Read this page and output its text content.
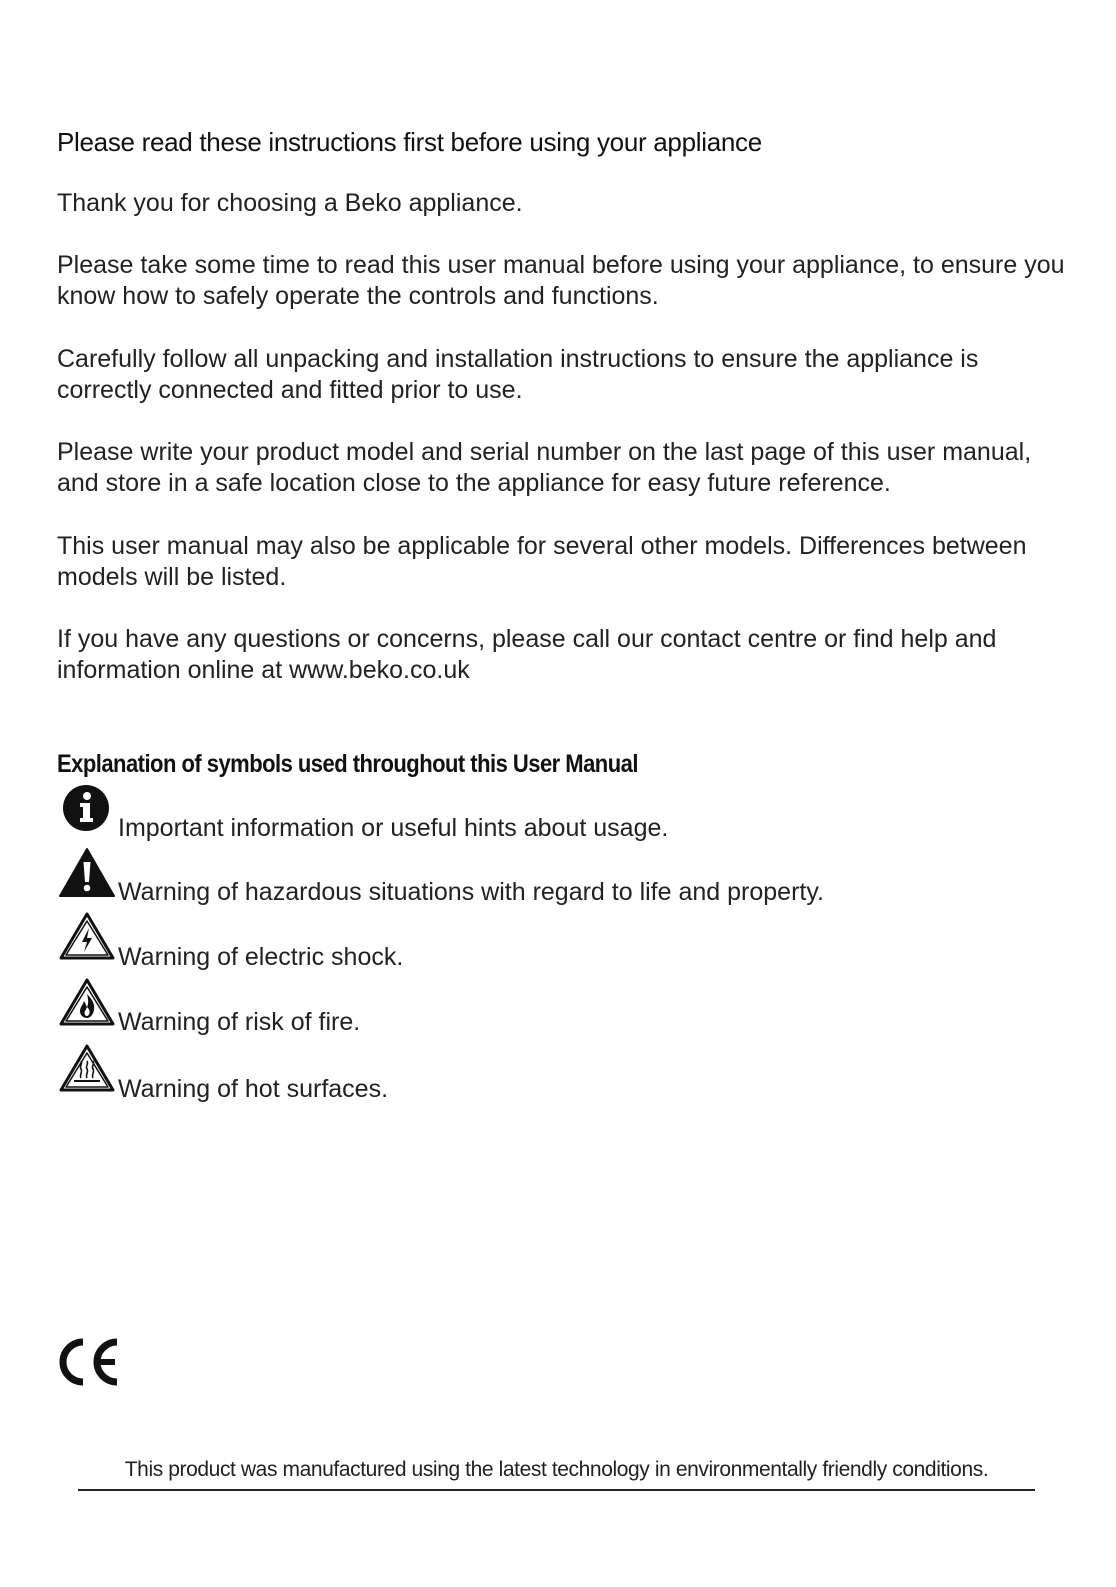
Please read these instructions first before using your appliance

Thank you for choosing a Beko appliance.

Please take some time to read this user manual before using your appliance, to ensure you know how to safely operate the controls and functions.

Carefully follow all unpacking and installation instructions to ensure the appliance is correctly connected and fitted prior to use.

Please write your product model and serial number on the last page of this user manual, and store in a safe location close to the appliance for easy future reference.

This user manual may also be applicable for several other models. Differences between models will be listed.

If you have any questions or concerns, please call our contact centre or find help and information online at www.beko.co.uk

Explanation of symbols used throughout this User Manual
Important information or useful hints about usage.
Warning of hazardous situations with regard to life and property.
Warning of electric shock.
Warning of risk of fire.
Warning of hot surfaces.
This product was manufactured using the latest technology in environmentally friendly conditions.
